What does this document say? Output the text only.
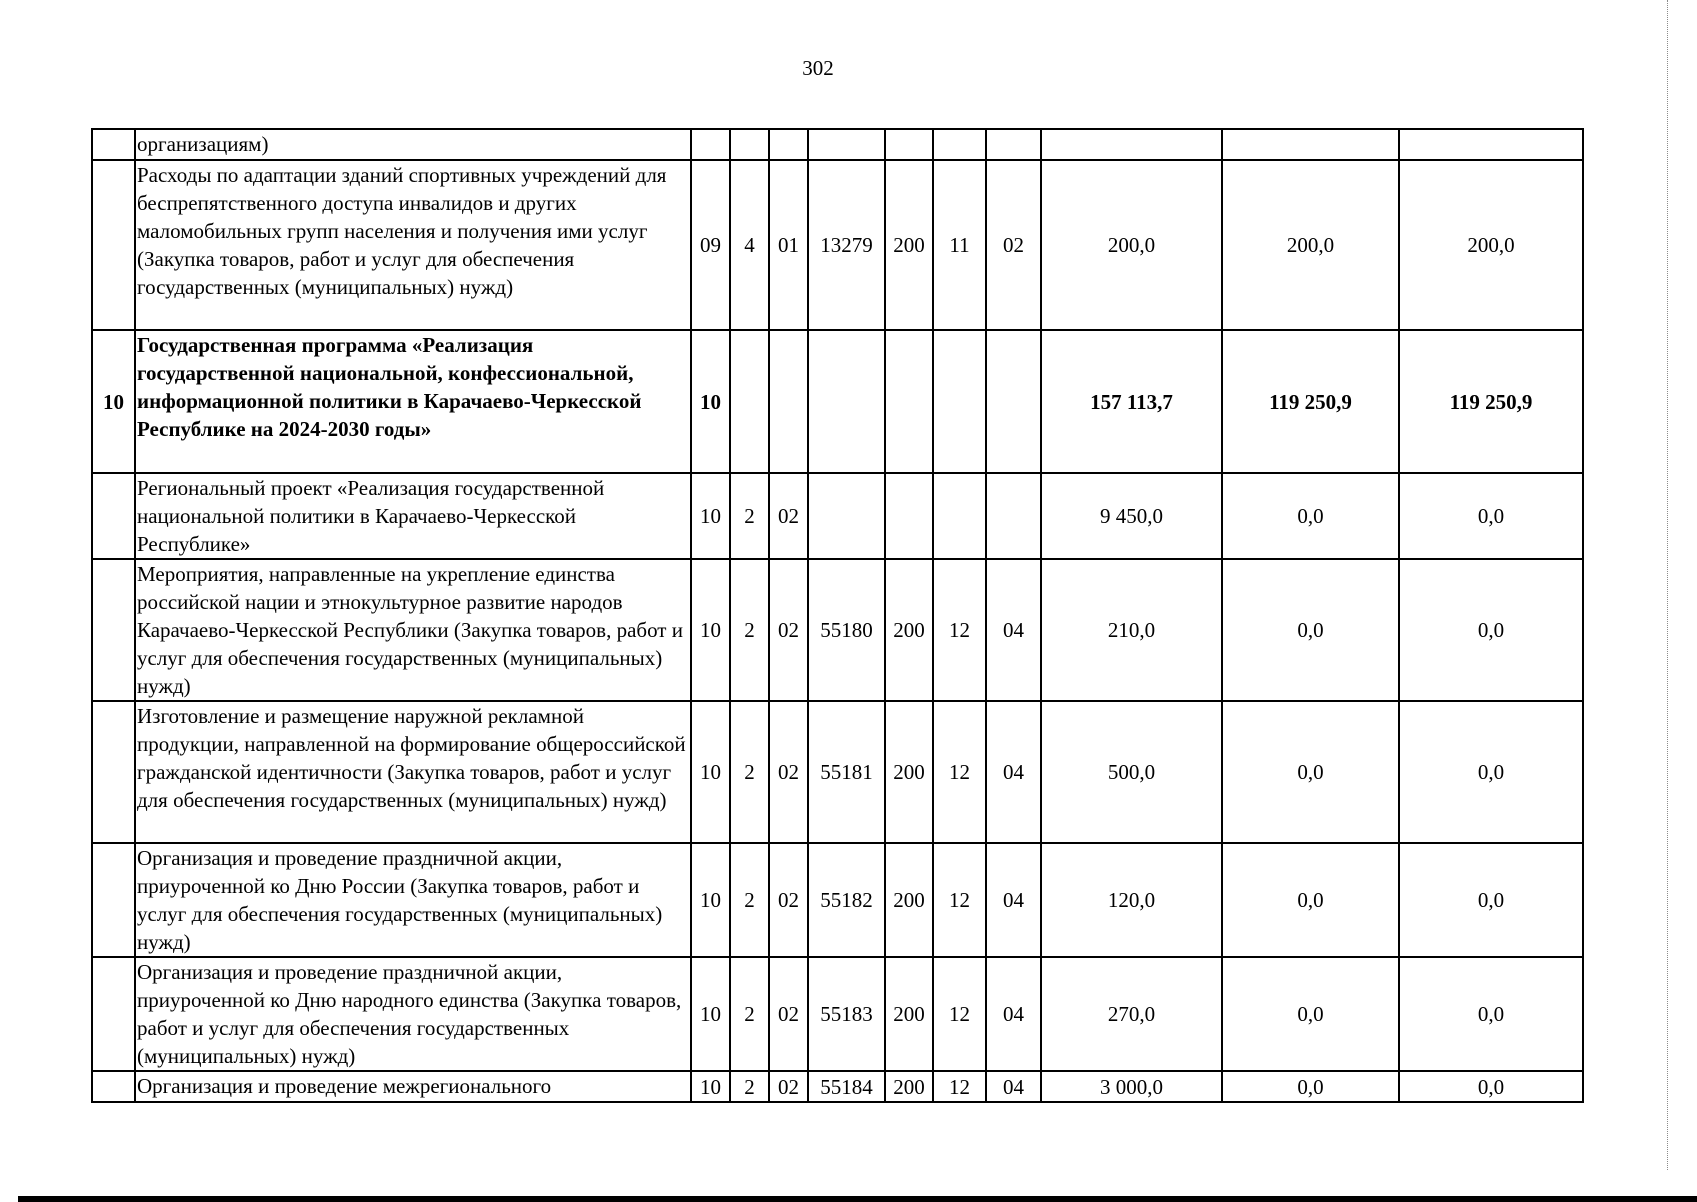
302
	организациям)										
	Расходы по адаптации зданий спортивных учреждений для беспрепятственного доступа инвалидов и других маломобильных групп населения и получения ими услуг (Закупка товаров, работ и услуг для обеспечения государственных (муниципальных) нужд)	09	4	01	13279	200	11	02	200,0	200,0	200,0
10	Государственная программа «Реализация государственной национальной, конфессиональной, информационной политики в Карачаево-Черкесской Республике на 2024-2030 годы»	10							157 113,7	119 250,9	119 250,9
	Региональный проект «Реализация государственной национальной политики в Карачаево-Черкесской Республике»	10	2	02					9 450,0	0,0	0,0
	Мероприятия, направленные на укрепление единства российской нации и этнокультурное развитие народов Карачаево-Черкесской Республики (Закупка товаров, работ и услуг для обеспечения государственных (муниципальных) нужд)	10	2	02	55180	200	12	04	210,0	0,0	0,0
	Изготовление и размещение наружной рекламной продукции, направленной на формирование общероссийской гражданской идентичности (Закупка товаров, работ и услуг для обеспечения государственных (муниципальных) нужд)	10	2	02	55181	200	12	04	500,0	0,0	0,0
	Организация и проведение праздничной акции, приуроченной ко Дню России (Закупка товаров, работ и услуг для обеспечения государственных (муниципальных) нужд)	10	2	02	55182	200	12	04	120,0	0,0	0,0
	Организация и проведение праздничной акции, приуроченной ко Дню народного единства (Закупка товаров, работ и услуг для обеспечения государственных (муниципальных) нужд)	10	2	02	55183	200	12	04	270,0	0,0	0,0
	Организация и проведение межрегионального	10	2	02	55184	200	12	04	3 000,0	0,0	0,0
